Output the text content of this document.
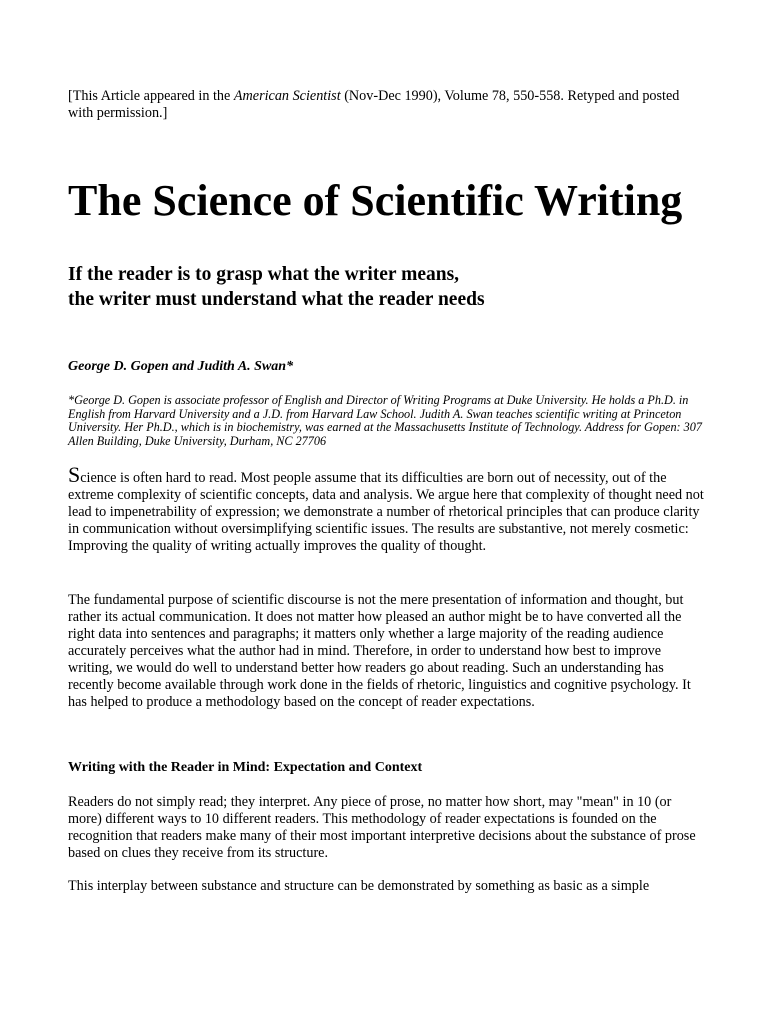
[This Article appeared in the American Scientist (Nov-Dec 1990), Volume 78, 550-558. Retyped and posted with permission.]

The Science of Scientific Writing
If the reader is to grasp what the writer means,
the writer must understand what the reader needs

George D. Gopen and Judith A. Swan*

*George D. Gopen is associate professor of English and Director of Writing Programs at Duke University. He holds a Ph.D. in English from Harvard University and a J.D. from Harvard Law School. Judith A. Swan teaches scientific writing at Princeton University. Her Ph.D., which is in biochemistry, was earned at the Massachusetts Institute of Technology. Address for Gopen: 307 Allen Building, Duke University, Durham, NC 27706

Science is often hard to read. Most people assume that its difficulties are born out of necessity, out of the extreme complexity of scientific concepts, data and analysis. We argue here that complexity of thought need not lead to impenetrability of expression; we demonstrate a number of rhetorical principles that can produce clarity in communication without oversimplifying scientific issues. The results are substantive, not merely cosmetic: Improving the quality of writing actually improves the quality of thought.

The fundamental purpose of scientific discourse is not the mere presentation of information and thought, but rather its actual communication. It does not matter how pleased an author might be to have converted all the right data into sentences and paragraphs; it matters only whether a large majority of the reading audience accurately perceives what the author had in mind. Therefore, in order to understand how best to improve writing, we would do well to understand better how readers go about reading. Such an understanding has recently become available through work done in the fields of rhetoric, linguistics and cognitive psychology. It has helped to produce a methodology based on the concept of reader expectations.

Writing with the Reader in Mind: Expectation and Context

Readers do not simply read; they interpret. Any piece of prose, no matter how short, may "mean" in 10 (or more) different ways to 10 different readers. This methodology of reader expectations is founded on the recognition that readers make many of their most important interpretive decisions about the substance of prose based on clues they receive from its structure.

This interplay between substance and structure can be demonstrated by something as basic as a simple
